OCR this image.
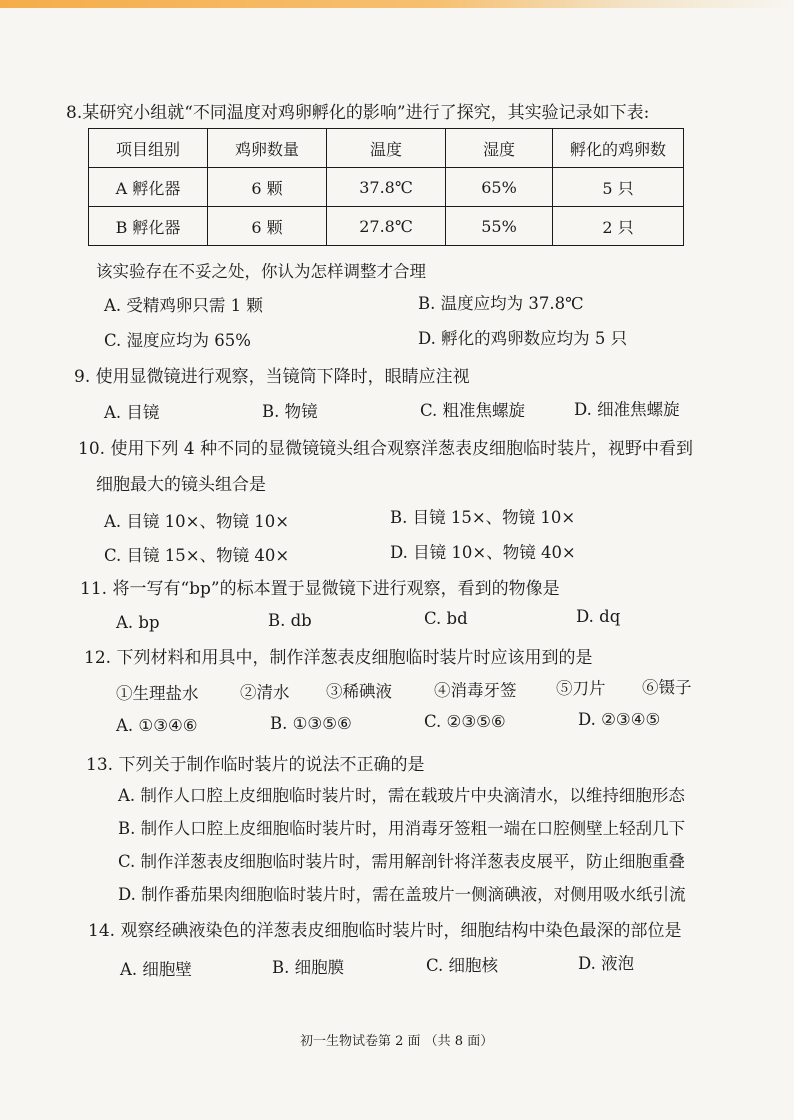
8.某研究小组就“不同温度对鸡卵孵化的影响”进行了探究，其实验记录如下表:
项目组别	鸡卵数量	温度	湿度	孵化的鸡卵数
A 孵化器	6 颗	37.8℃	65%	5 只
B 孵化器	6 颗	27.8℃	55%	2 只
该实验存在不妥之处，你认为怎样调整才合理
A. 受精鸡卵只需 1 颗	B. 温度应均为 37.8℃
C. 湿度应均为 65%	D. 孵化的鸡卵数应均为 5 只
9. 使用显微镜进行观察，当镜筒下降时，眼睛应注视
A. 目镜	B. 物镜	C. 粗准焦螺旋	D. 细准焦螺旋
10. 使用下列 4 种不同的显微镜镜头组合观察洋葱表皮细胞临时装片，视野中看到
细胞最大的镜头组合是
A. 目镜 10×、物镜 10×	B. 目镜 15×、物镜 10×
C. 目镜 15×、物镜 40×	D. 目镜 10×、物镜 40×
11. 将一写有“bp”的标本置于显微镜下进行观察，看到的物像是
A. bp	B. db	C. bd	D. dq
12. 下列材料和用具中，制作洋葱表皮细胞临时装片时应该用到的是
①生理盐水	②清水 ③稀碘液	④消毒牙签 ⑤刀片 ⑥镊子
A. ①③④⑥	B. ①③⑤⑥	C. ②③⑤⑥	D. ②③④⑤
13. 下列关于制作临时装片的说法不正确的是
A. 制作人口腔上皮细胞临时装片时，需在载玻片中央滴清水，以维持细胞形态
B. 制作人口腔上皮细胞临时装片时，用消毒牙签粗一端在口腔侧壁上轻刮几下
C. 制作洋葱表皮细胞临时装片时，需用解剖针将洋葱表皮展平，防止细胞重叠
D. 制作番茄果肉细胞临时装片时，需在盖玻片一侧滴碘液，对侧用吸水纸引流
14. 观察经碘液染色的洋葱表皮细胞临时装片时，细胞结构中染色最深的部位是
A. 细胞壁	B. 细胞膜	C. 细胞核	D. 液泡
初一生物试卷第 2 面 （共 8 面）
